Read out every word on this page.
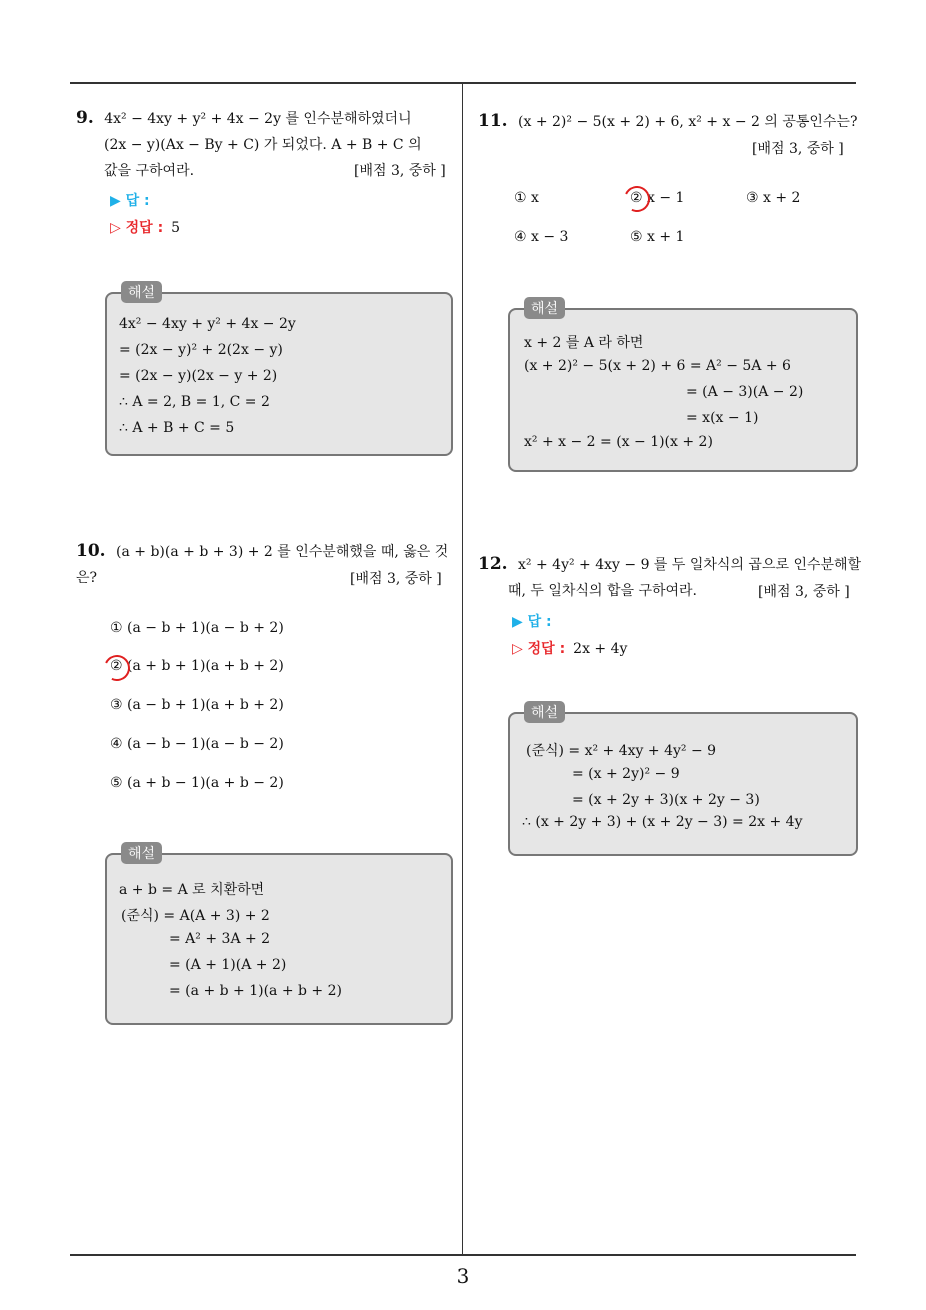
3
9. 4x² − 4xy + y² + 4x − 2y 를 인수분해하였더니
(2x − y)(Ax − By + C) 가 되었다. A + B + C 의
값을 구하여라.	[배점 3, 중하 ]
▶ 답 :
▷ 정답 : 5
해설
4x² − 4xy + y² + 4x − 2y
= (2x − y)² + 2(2x − y)
= (2x − y)(2x − y + 2)
∴ A = 2, B = 1, C = 2
∴ A + B + C = 5
10. (a + b)(a + b + 3) + 2 를 인수분해했을 때, 옳은 것은?	[배점 3, 중하 ]
① (a − b + 1)(a − b + 2)
② (a + b + 1)(a + b + 2)
③ (a − b + 1)(a + b + 2)
④ (a − b − 1)(a − b − 2)
⑤ (a + b − 1)(a + b − 2)
해설
a + b = A 로 치환하면
(준식) = A(A + 3) + 2
= A² + 3A + 2
= (A + 1)(A + 2)
= (a + b + 1)(a + b + 2)
11. (x + 2)² − 5(x + 2) + 6, x² + x − 2 의 공통인수는?
[배점 3, 중하 ]
① x	② x − 1	③ x + 2
④ x − 3	⑤ x + 1
해설
x + 2 를 A 라 하면
(x + 2)² − 5(x + 2) + 6 = A² − 5A + 6
= (A − 3)(A − 2)
= x(x − 1)
x² + x − 2 = (x − 1)(x + 2)
12. x² + 4y² + 4xy − 9 를 두 일차식의 곱으로 인수분해할
때, 두 일차식의 합을 구하여라.	[배점 3, 중하 ]
▶ 답 :
▷ 정답 : 2x + 4y
해설
(준식) = x² + 4xy + 4y² − 9
= (x + 2y)² − 9
= (x + 2y + 3)(x + 2y − 3)
∴ (x + 2y + 3) + (x + 2y − 3) = 2x + 4y
